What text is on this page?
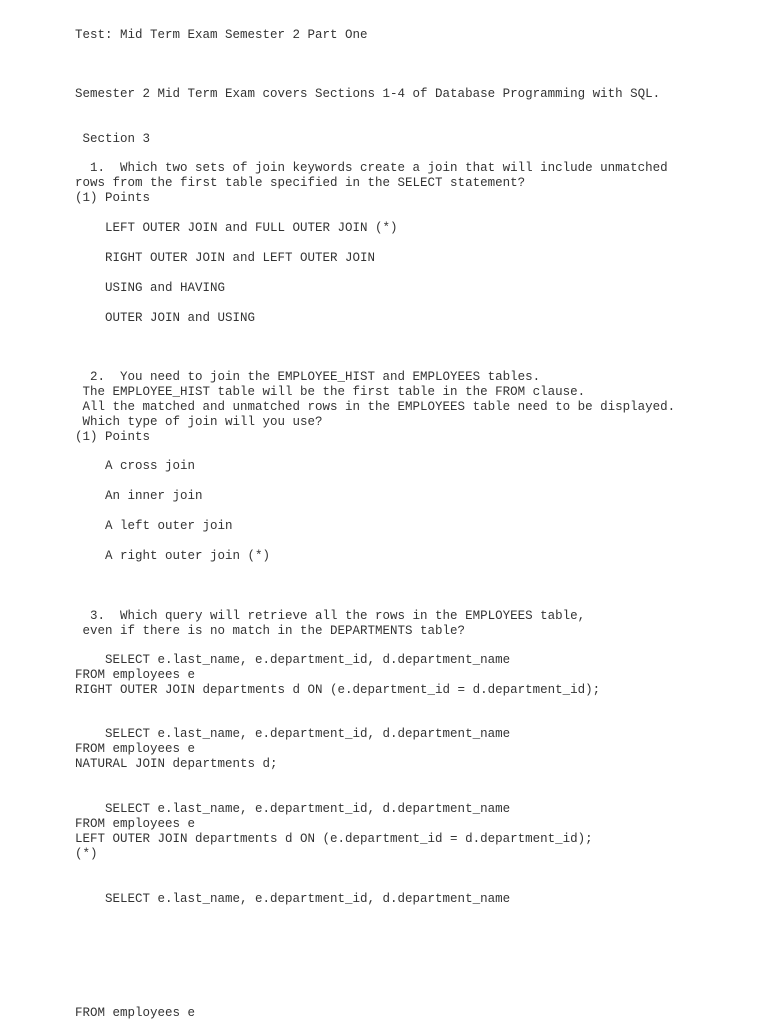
Test: Mid Term Exam Semester 2 Part One

Semester 2 Mid Term Exam covers Sections 1-4 of Database Programming with SQL.

Section 3

1.  Which two sets of join keywords create a join that will include unmatched
rows from the first table specified in the SELECT statement?
(1) Points

LEFT OUTER JOIN and FULL OUTER JOIN (*)

RIGHT OUTER JOIN and LEFT OUTER JOIN

USING and HAVING

OUTER JOIN and USING

2.  You need to join the EMPLOYEE_HIST and EMPLOYEES tables.
The EMPLOYEE_HIST table will be the first table in the FROM clause.
All the matched and unmatched rows in the EMPLOYEES table need to be displayed.
Which type of join will you use?
(1) Points

A cross join

An inner join

A left outer join

A right outer join (*)

3.  Which query will retrieve all the rows in the EMPLOYEES table,
even if there is no match in the DEPARTMENTS table?

SELECT e.last_name, e.department_id, d.department_name
FROM employees e
RIGHT OUTER JOIN departments d ON (e.department_id = d.department_id);

SELECT e.last_name, e.department_id, d.department_name
FROM employees e
NATURAL JOIN departments d;

SELECT e.last_name, e.department_id, d.department_name
FROM employees e
LEFT OUTER JOIN departments d ON (e.department_id = d.department_id);
(*)

SELECT e.last_name, e.department_id, d.department_name

FROM employees e
